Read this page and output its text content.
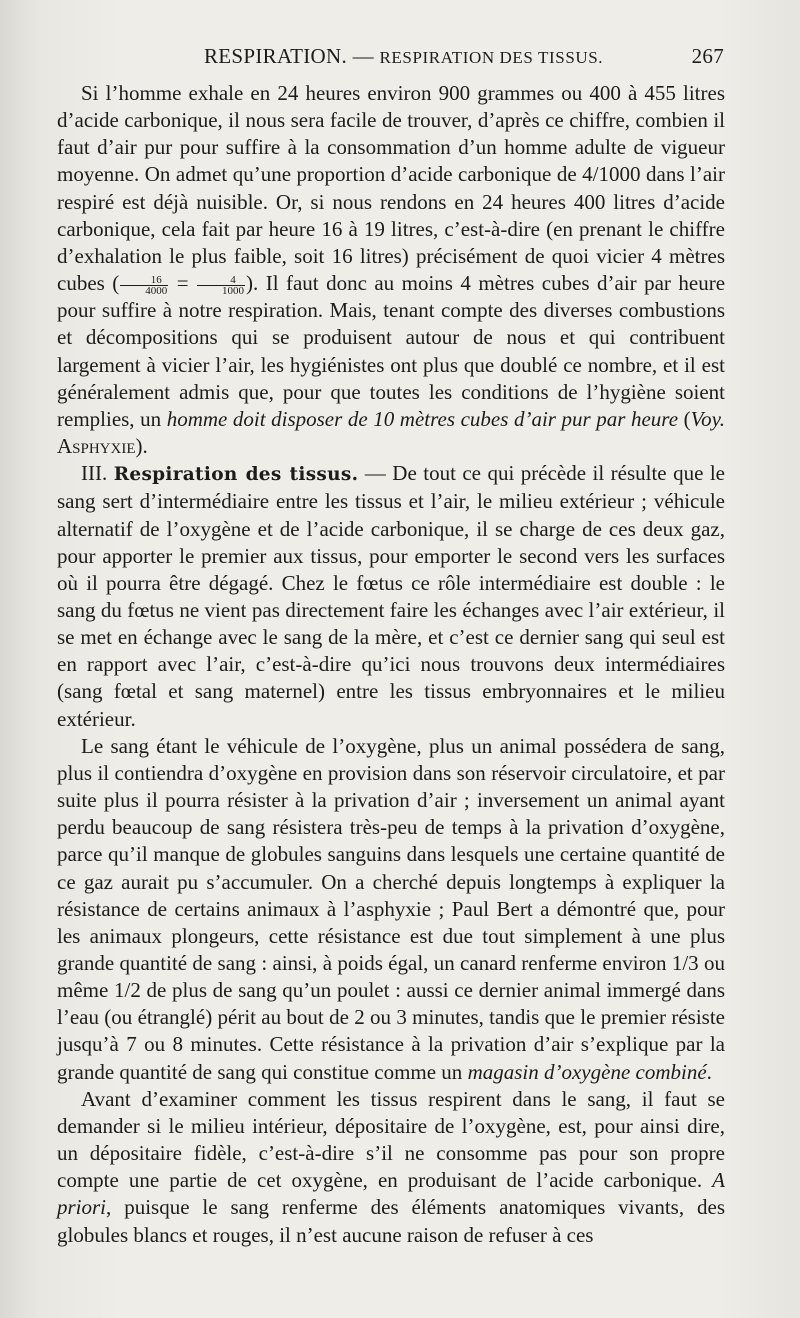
RESPIRATION. — RESPIRATION DES TISSUS.	267

Si l’homme exhale en 24 heures environ 900 grammes ou 400 à 455 litres d’acide carbonique, il nous sera facile de trouver, d’après ce chiffre, combien il faut d’air pur pour suffire à la consommation d’un homme adulte de vigueur moyenne. On admet qu’une proportion d’acide carbonique de 4/1000 dans l’air respiré est déjà nuisible. Or, si nous rendons en 24 heures 400 litres d’acide carbonique, cela fait par heure 16 à 19 litres, c’est-à-dire (en prenant le chiffre d’exhalation le plus faible, soit 16 litres) précisément de quoi vicier 4 mètres cubes ( $\frac{16}{4000} = \frac{4}{1000}$ ). Il faut donc au moins 4 mètres cubes d’air par heure pour suffire à notre respiration. Mais, tenant compte des diverses combustions et décompositions qui se produisent autour de nous et qui contribuent largement à vicier l’air, les hygiénistes ont plus que doublé ce nombre, et il est généralement admis que, pour que toutes les conditions de l’hygiène soient remplies, un homme doit disposer de 10 mètres cubes d’air pur par heure (Voy. Asphyxie).

III. Respiration des tissus. — De tout ce qui précède il résulte que le sang sert d’intermédiaire entre les tissus et l’air, le milieu extérieur ; véhicule alternatif de l’oxygène et de l’acide carbonique, il se charge de ces deux gaz, pour apporter le premier aux tissus, pour emporter le second vers les surfaces où il pourra être dégagé. Chez le fœtus ce rôle intermédiaire est double : le sang du fœtus ne vient pas directement faire les échanges avec l’air extérieur, il se met en échange avec le sang de la mère, et c’est ce dernier sang qui seul est en rapport avec l’air, c’est-à-dire qu’ici nous trouvons deux intermédiaires (sang fœtal et sang maternel) entre les tissus embryonnaires et le milieu extérieur.

Le sang étant le véhicule de l’oxygène, plus un animal possédera de sang, plus il contiendra d’oxygène en provision dans son réservoir circulatoire, et par suite plus il pourra résister à la privation d’air ; inversement un animal ayant perdu beaucoup de sang résistera très-peu de temps à la privation d’oxygène, parce qu’il manque de globules sanguins dans lesquels une certaine quantité de ce gaz aurait pu s’accumuler. On a cherché depuis longtemps à expliquer la résistance de certains animaux à l’asphyxie ; Paul Bert a démontré que, pour les animaux plongeurs, cette résistance est due tout simplement à une plus grande quantité de sang : ainsi, à poids égal, un canard renferme environ 1/3 ou même 1/2 de plus de sang qu’un poulet : aussi ce dernier animal immergé dans l’eau (ou étranglé) périt au bout de 2 ou 3 minutes, tandis que le premier résiste jusqu’à 7 ou 8 minutes. Cette résistance à la privation d’air s’explique par la grande quantité de sang qui constitue comme un magasin d’oxygène combiné.

Avant d’examiner comment les tissus respirent dans le sang, il faut se demander si le milieu intérieur, dépositaire de l’oxygène, est, pour ainsi dire, un dépositaire fidèle, c’est-à-dire s’il ne consomme pas pour son propre compte une partie de cet oxygène, en produisant de l’acide carbonique. A priori, puisque le sang renferme des éléments anatomiques vivants, des globules blancs et rouges, il n’est aucune raison de refuser à ces
